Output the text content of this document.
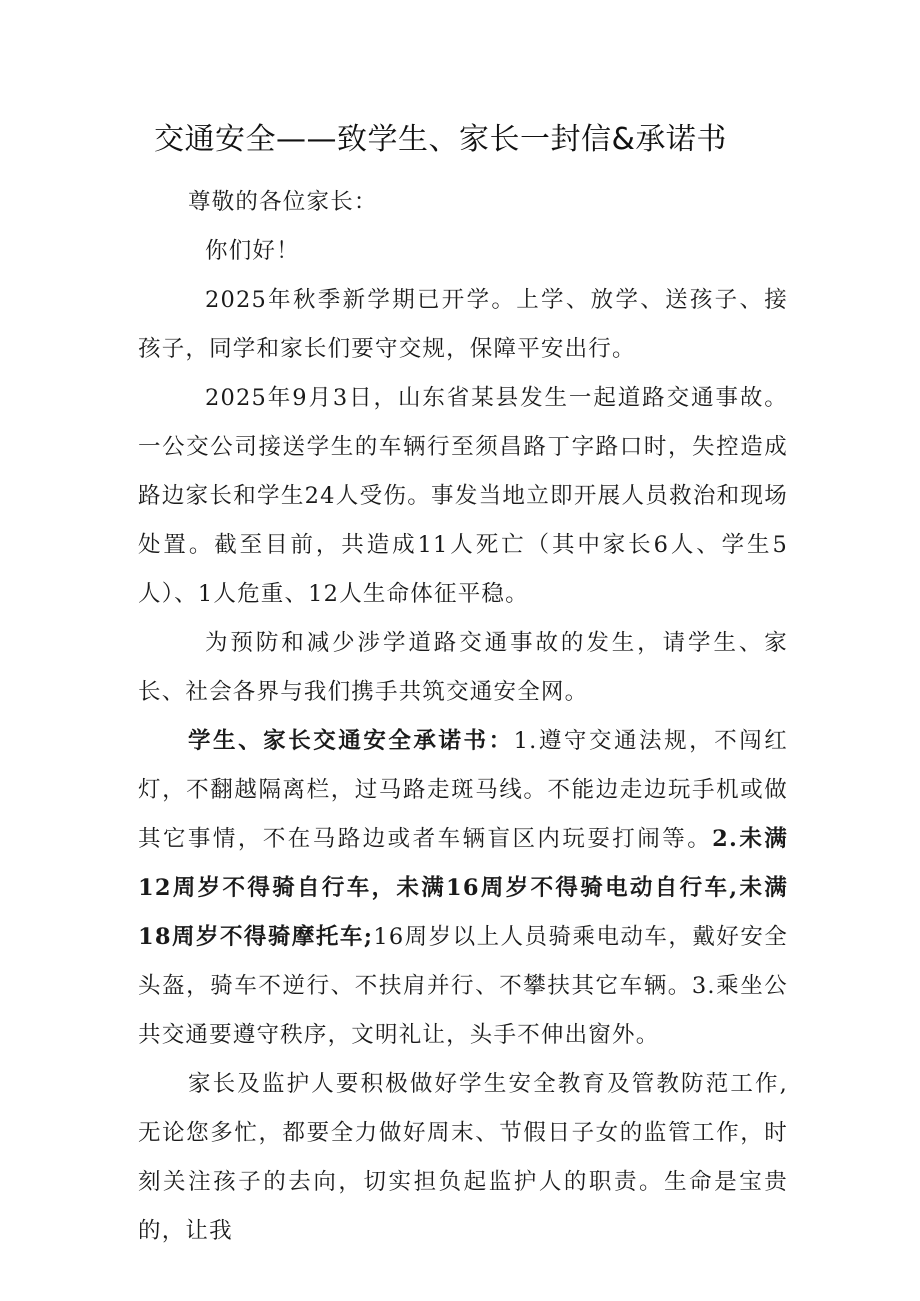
交通安全——致学生、家长一封信&承诺书

尊敬的各位家长：

你们好！

2025年秋季新学期已开学。上学、放学、送孩子、接孩子，同学和家长们要守交规，保障平安出行。

2025年9月3日，山东省某县发生一起道路交通事故。一公交公司接送学生的车辆行至须昌路丁字路口时，失控造成路边家长和学生24人受伤。事发当地立即开展人员救治和现场处置。截至目前，共造成11人死亡（其中家长6人、学生5人）、1人危重、12人生命体征平稳。

为预防和减少涉学道路交通事故的发生，请学生、家长、社会各界与我们携手共筑交通安全网。

学生、家长交通安全承诺书：1.遵守交通法规，不闯红灯，不翻越隔离栏，过马路走斑马线。不能边走边玩手机或做其它事情，不在马路边或者车辆盲区内玩耍打闹等。2.未满12周岁不得骑自行车，未满16周岁不得骑电动自行车,未满18周岁不得骑摩托车;16周岁以上人员骑乘电动车，戴好安全头盔，骑车不逆行、不扶肩并行、不攀扶其它车辆。3.乘坐公共交通要遵守秩序，文明礼让，头手不伸出窗外。

家长及监护人要积极做好学生安全教育及管教防范工作,无论您多忙，都要全力做好周末、节假日子女的监管工作，时刻关注孩子的去向，切实担负起监护人的职责。生命是宝贵的，让我
